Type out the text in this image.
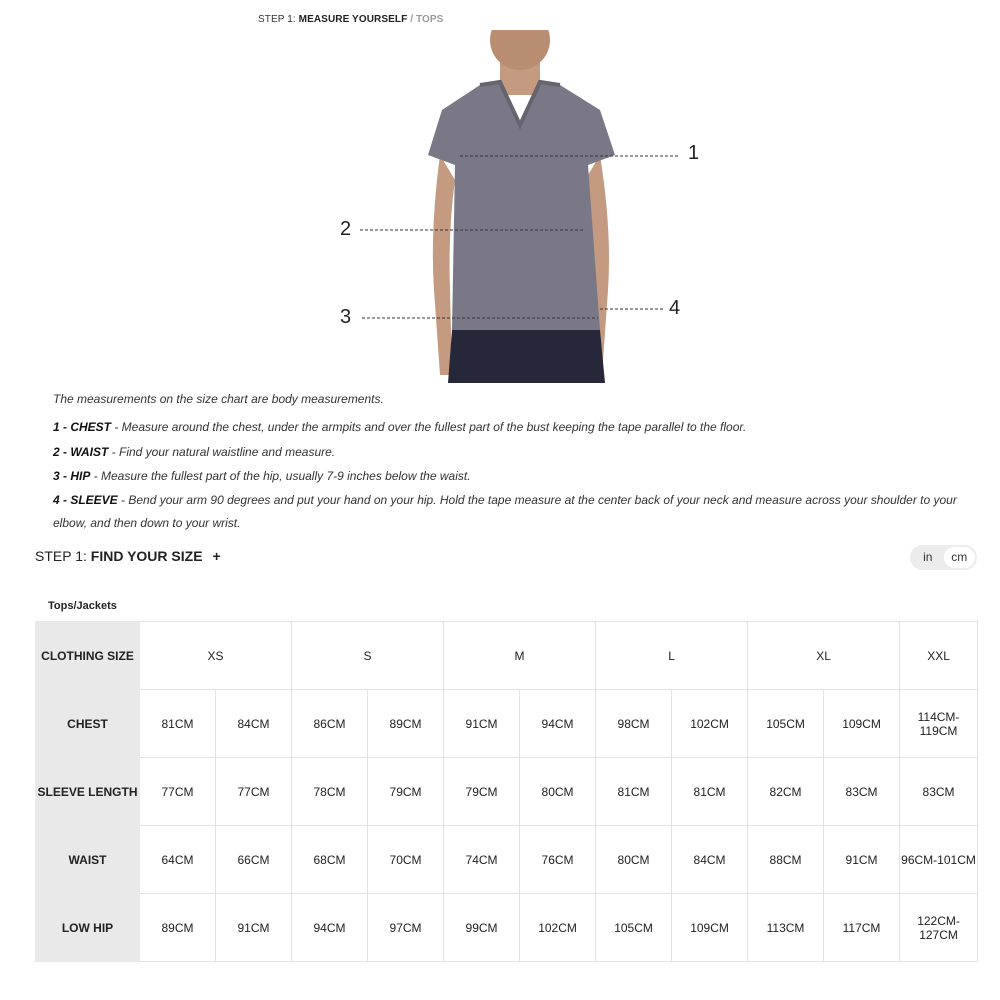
STEP 1: MEASURE YOURSELF / TOPS
1
2
3	4
The measurements on the size chart are body measurements.
1 - CHEST - Measure around the chest, under the armpits and over the fullest part of the bust keeping the tape parallel to the floor.
2 - WAIST - Find your natural waistline and measure.
3 - HIP - Measure the fullest part of the hip, usually 7-9 inches below the waist.
4 - SLEEVE - Bend your arm 90 degrees and put your hand on your hip. Hold the tape measure at the center back of your neck and measure across your shoulder to your elbow, and then down to your wrist.
STEP 1: FIND YOUR SIZE +	in	cm
Tops/Jackets
CLOTHING SIZE	XS		S		M		L		XL		XXL
CHEST	81CM	84CM	86CM	89CM	91CM	94CM	98CM	102CM	105CM	109CM	114CM-119CM
SLEEVE LENGTH	77CM	77CM	78CM	79CM	79CM	80CM	81CM	81CM	82CM	83CM	83CM
WAIST	64CM	66CM	68CM	70CM	74CM	76CM	80CM	84CM	88CM	91CM	96CM-101CM
LOW HIP	89CM	91CM	94CM	97CM	99CM	102CM	105CM	109CM	113CM	117CM	122CM-127CM
